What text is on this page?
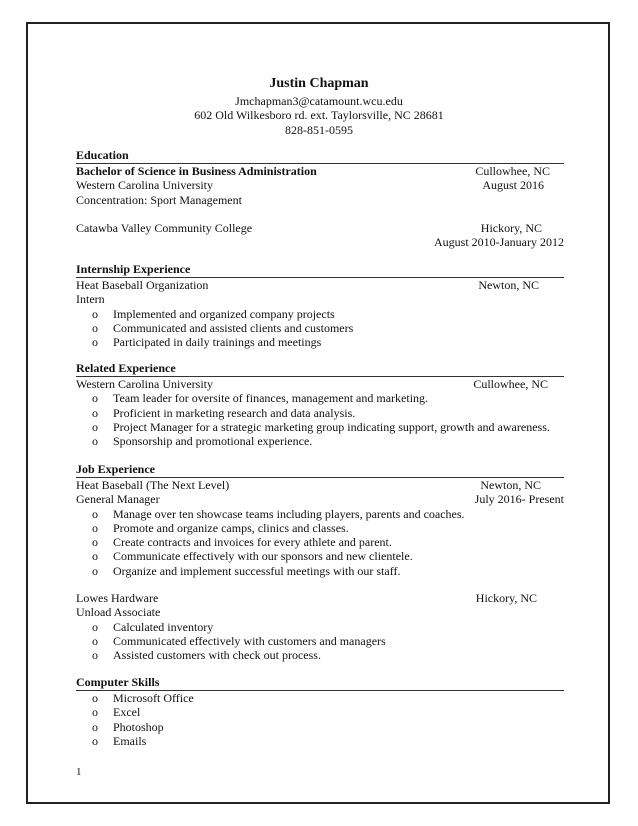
Justin Chapman
Jmchapman3@catamount.wcu.edu
602 Old Wilkesboro rd. ext. Taylorsville, NC 28681
828-851-0595
Education
Bachelor of Science in Business Administration	Cullowhee, NC
Western Carolina University	August 2016
Concentration: Sport Management
Catawba Valley Community College	Hickory, NC
August 2010-January 2012
Internship Experience
Heat Baseball Organization	Newton, NC
Intern
o Implemented and organized company projects
o Communicated and assisted clients and customers
o Participated in daily trainings and meetings
Related Experience
Western Carolina University	Cullowhee, NC
o Team leader for oversite of finances, management and marketing.
o Proficient in marketing research and data analysis.
o Project Manager for a strategic marketing group indicating support, growth and awareness.
o Sponsorship and promotional experience.
Job Experience
Heat Baseball (The Next Level)	Newton, NC
General Manager	July 2016- Present
o Manage over ten showcase teams including players, parents and coaches.
o Promote and organize camps, clinics and classes.
o Create contracts and invoices for every athlete and parent.
o Communicate effectively with our sponsors and new clientele.
o Organize and implement successful meetings with our staff.
Lowes Hardware	Hickory, NC
Unload Associate
o Calculated inventory
o Communicated effectively with customers and managers
o Assisted customers with check out process.
Computer Skills
o Microsoft Office
o Excel
o Photoshop
o Emails
1
